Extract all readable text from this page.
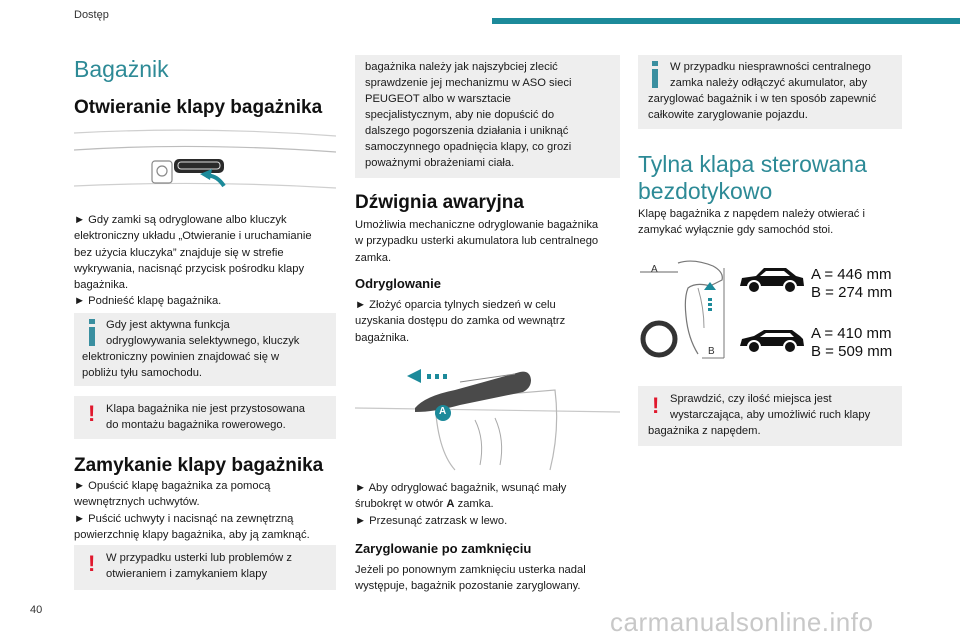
Dostęp
40	carmanualsonline.info
Bagażnik
Otwieranie klapy bagażnika

► Gdy zamki są odryglowane albo kluczyk
elektroniczny układu „Otwieranie i uruchamianie
bez użycia kluczyka” znajduje się w strefie
wykrywania, nacisnąć przycisk pośrodku klapy
bagażnika.
► Podnieść klapę bagażnika.

Gdy jest aktywna funkcja
odryglowywania selektywnego, kluczyk
elektroniczny powinien znajdować się w
pobliżu tyłu samochodu.
! Klapa bagażnika nie jest przystosowana
do montażu bagażnika rowerowego.
Zamykanie klapy bagażnika

► Opuścić klapę bagażnika za pomocą
wewnętrznych uchwytów.
► Puścić uchwyty i nacisnąć na zewnętrzną
powierzchnię klapy bagażnika, aby ją zamknąć.

! W przypadku usterki lub problemów z
otwieraniem i zamykaniem klapy
bagażnika należy jak najszybciej zlecić
sprawdzenie jej mechanizmu w ASO sieci
PEUGEOT albo w warsztacie
specjalistycznym, aby nie dopuścić do
dalszego pogorszenia działania i uniknąć
samoczynnego opadnięcia klapy, co grozi
poważnymi obrażeniami ciała.
Dźwignia awaryjna

Umożliwia mechaniczne odryglowanie bagażnika
w przypadku usterki akumulatora lub centralnego
zamka.

Odryglowanie

► Złożyć oparcia tylnych siedzeń w celu
uzyskania dostępu do zamka od wewnątrz
bagażnika.

A

► Aby odryglować bagażnik, wsunąć mały
śrubokręt w otwór A zamka.
► Przesunąć zatrzask w lewo.

Zaryglowanie po zamknięciu

Jeżeli po ponownym zamknięciu usterka nadal
występuje, bagażnik pozostanie zaryglowany.

W przypadku niesprawności centralnego
zamka należy odłączyć akumulator, aby
zaryglować bagażnik i w ten sposób zapewnić
całkowite zaryglowanie pojazdu.
Tylna klapa sterowana
bezdotykowo

Klapę bagażnika z napędem należy otwierać i
zamykać wyłącznie gdy samochód stoi.

A
B
A = 446 mm
B = 274 mm
A = 410 mm
B = 509 mm
! Sprawdzić, czy ilość miejsca jest
wystarczająca, aby umożliwić ruch klapy
bagażnika z napędem.
